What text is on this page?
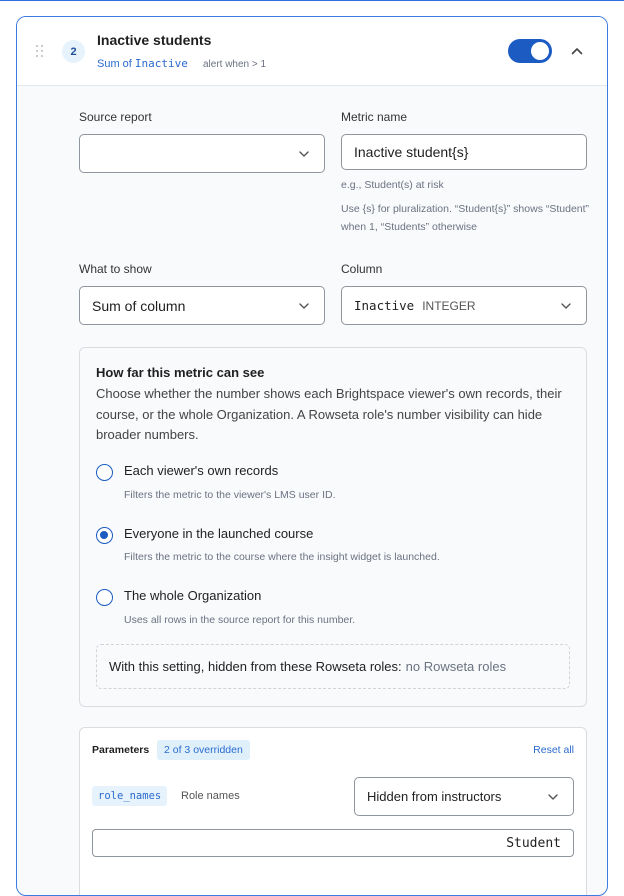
2
Inactive students
Sum of Inactive alert when > 1
Source report	Metric name
Inactive student{s}
e.g., Student(s) at risk
Use {s} for pluralization. “Student{s}” shows “Student” when 1, “Students” otherwise
What to show
Sum of column
Column
Inactive INTEGER
How far this metric can see
Choose whether the number shows each Brightspace viewer's own records, their course, or the whole Organization. A Rowseta role's number visibility can hide broader numbers.
Each viewer's own records
Filters the metric to the viewer's LMS user ID.
Everyone in the launched course
Filters the metric to the course where the insight widget is launched.
The whole Organization
Uses all rows in the source report for this number.
With this setting, hidden from these Rowseta roles: no Rowseta roles
Parameters	2 of 3 overridden	Reset all
role_names	Role names	Hidden from instructors
Student
